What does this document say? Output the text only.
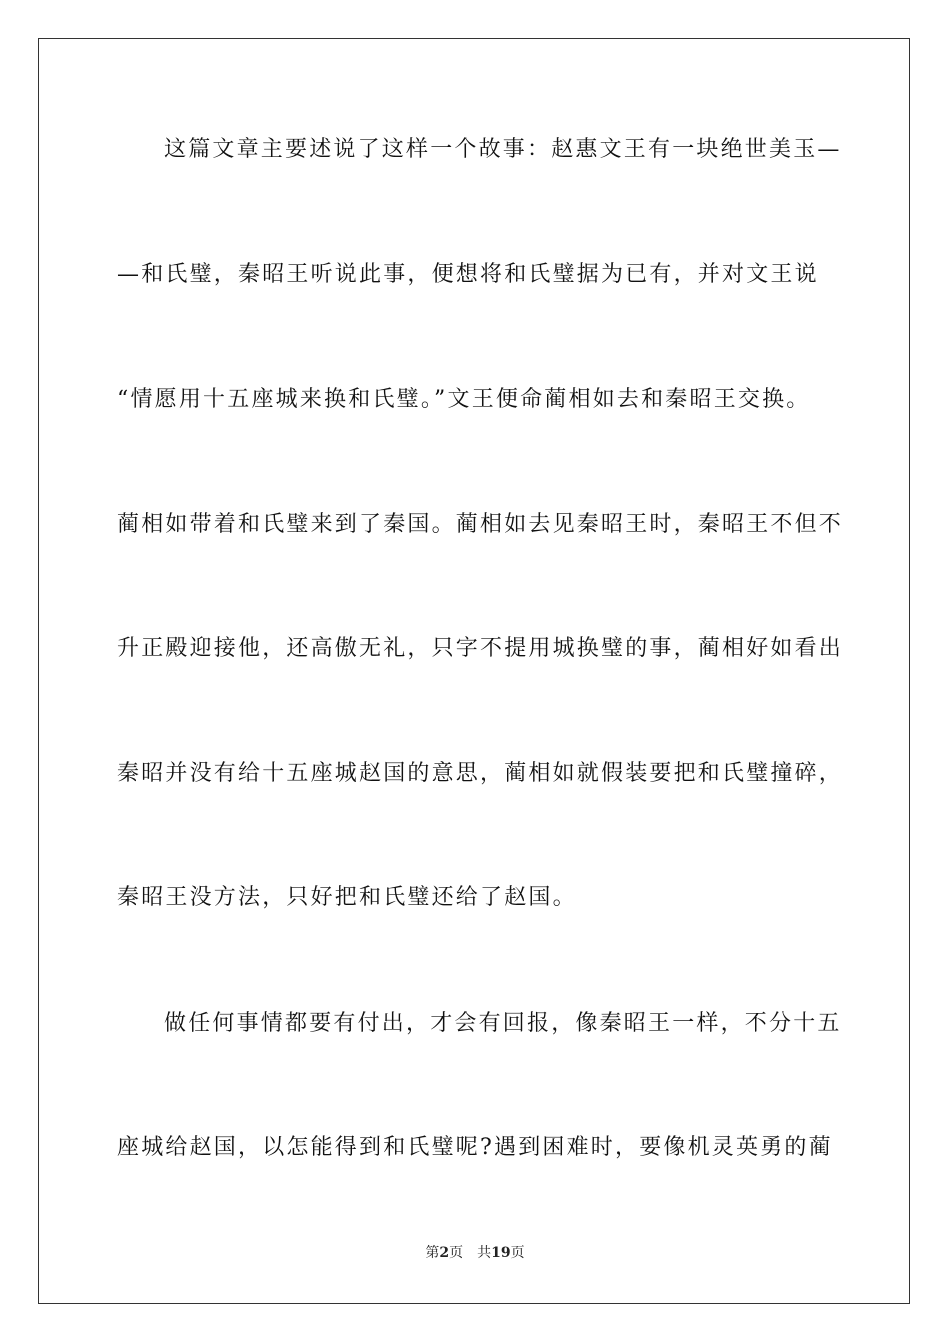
这篇文章主要述说了这样一个故事：赵惠文王有一块绝世美玉—
—和氏璧，秦昭王听说此事，便想将和氏璧据为已有，并对文王说
“情愿用十五座城来换和氏璧。”文王便命蔺相如去和秦昭王交换。
蔺相如带着和氏璧来到了秦国。蔺相如去见秦昭王时，秦昭王不但不
升正殿迎接他，还高傲无礼，只字不提用城换璧的事，蔺相好如看出
秦昭并没有给十五座城赵国的意思，蔺相如就假装要把和氏璧撞碎，
秦昭王没方法，只好把和氏璧还给了赵国。
做任何事情都要有付出，才会有回报，像秦昭王一样，不分十五
座城给赵国，以怎能得到和氏璧呢?遇到困难时，要像机灵英勇的蔺
第2页 共19页
